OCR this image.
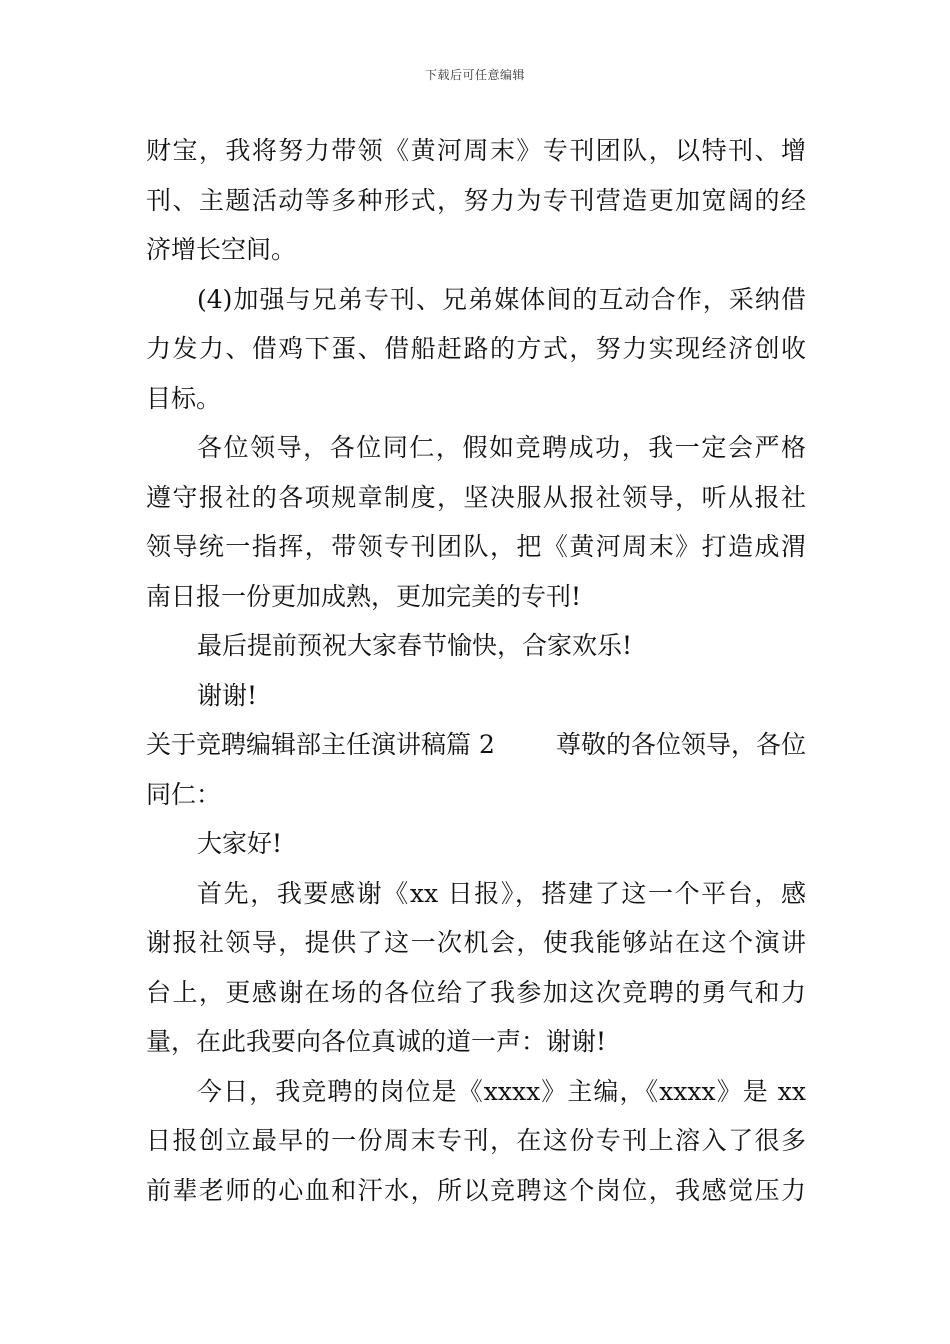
下载后可任意编辑
财宝，我将努力带领《黄河周末》专刊团队，以特刊、增
刊、主题活动等多种形式，努力为专刊营造更加宽阔的经
济增长空间。
(4)加强与兄弟专刊、兄弟媒体间的互动合作，采纳借
力发力、借鸡下蛋、借船赶路的方式，努力实现经济创收
目标。
各位领导，各位同仁，假如竞聘成功，我一定会严格
遵守报社的各项规章制度，坚决服从报社领导，听从报社
领导统一指挥，带领专刊团队，把《黄河周末》打造成渭
南日报一份更加成熟，更加完美的专刊!
最后提前预祝大家春节愉快，合家欢乐!
谢谢!
关于竞聘编辑部主任演讲稿篇 2 尊敬的各位领导，各位
同仁：
大家好!
首先，我要感谢《xx 日报》，搭建了这一个平台，感
谢报社领导，提供了这一次机会，使我能够站在这个演讲
台上，更感谢在场的各位给了我参加这次竞聘的勇气和力
量，在此我要向各位真诚的道一声：谢谢!
今日，我竞聘的岗位是《xxxx》主编，《xxxx》是 xx
日报创立最早的一份周末专刊，在这份专刊上溶入了很多
前辈老师的心血和汗水，所以竞聘这个岗位，我感觉压力
